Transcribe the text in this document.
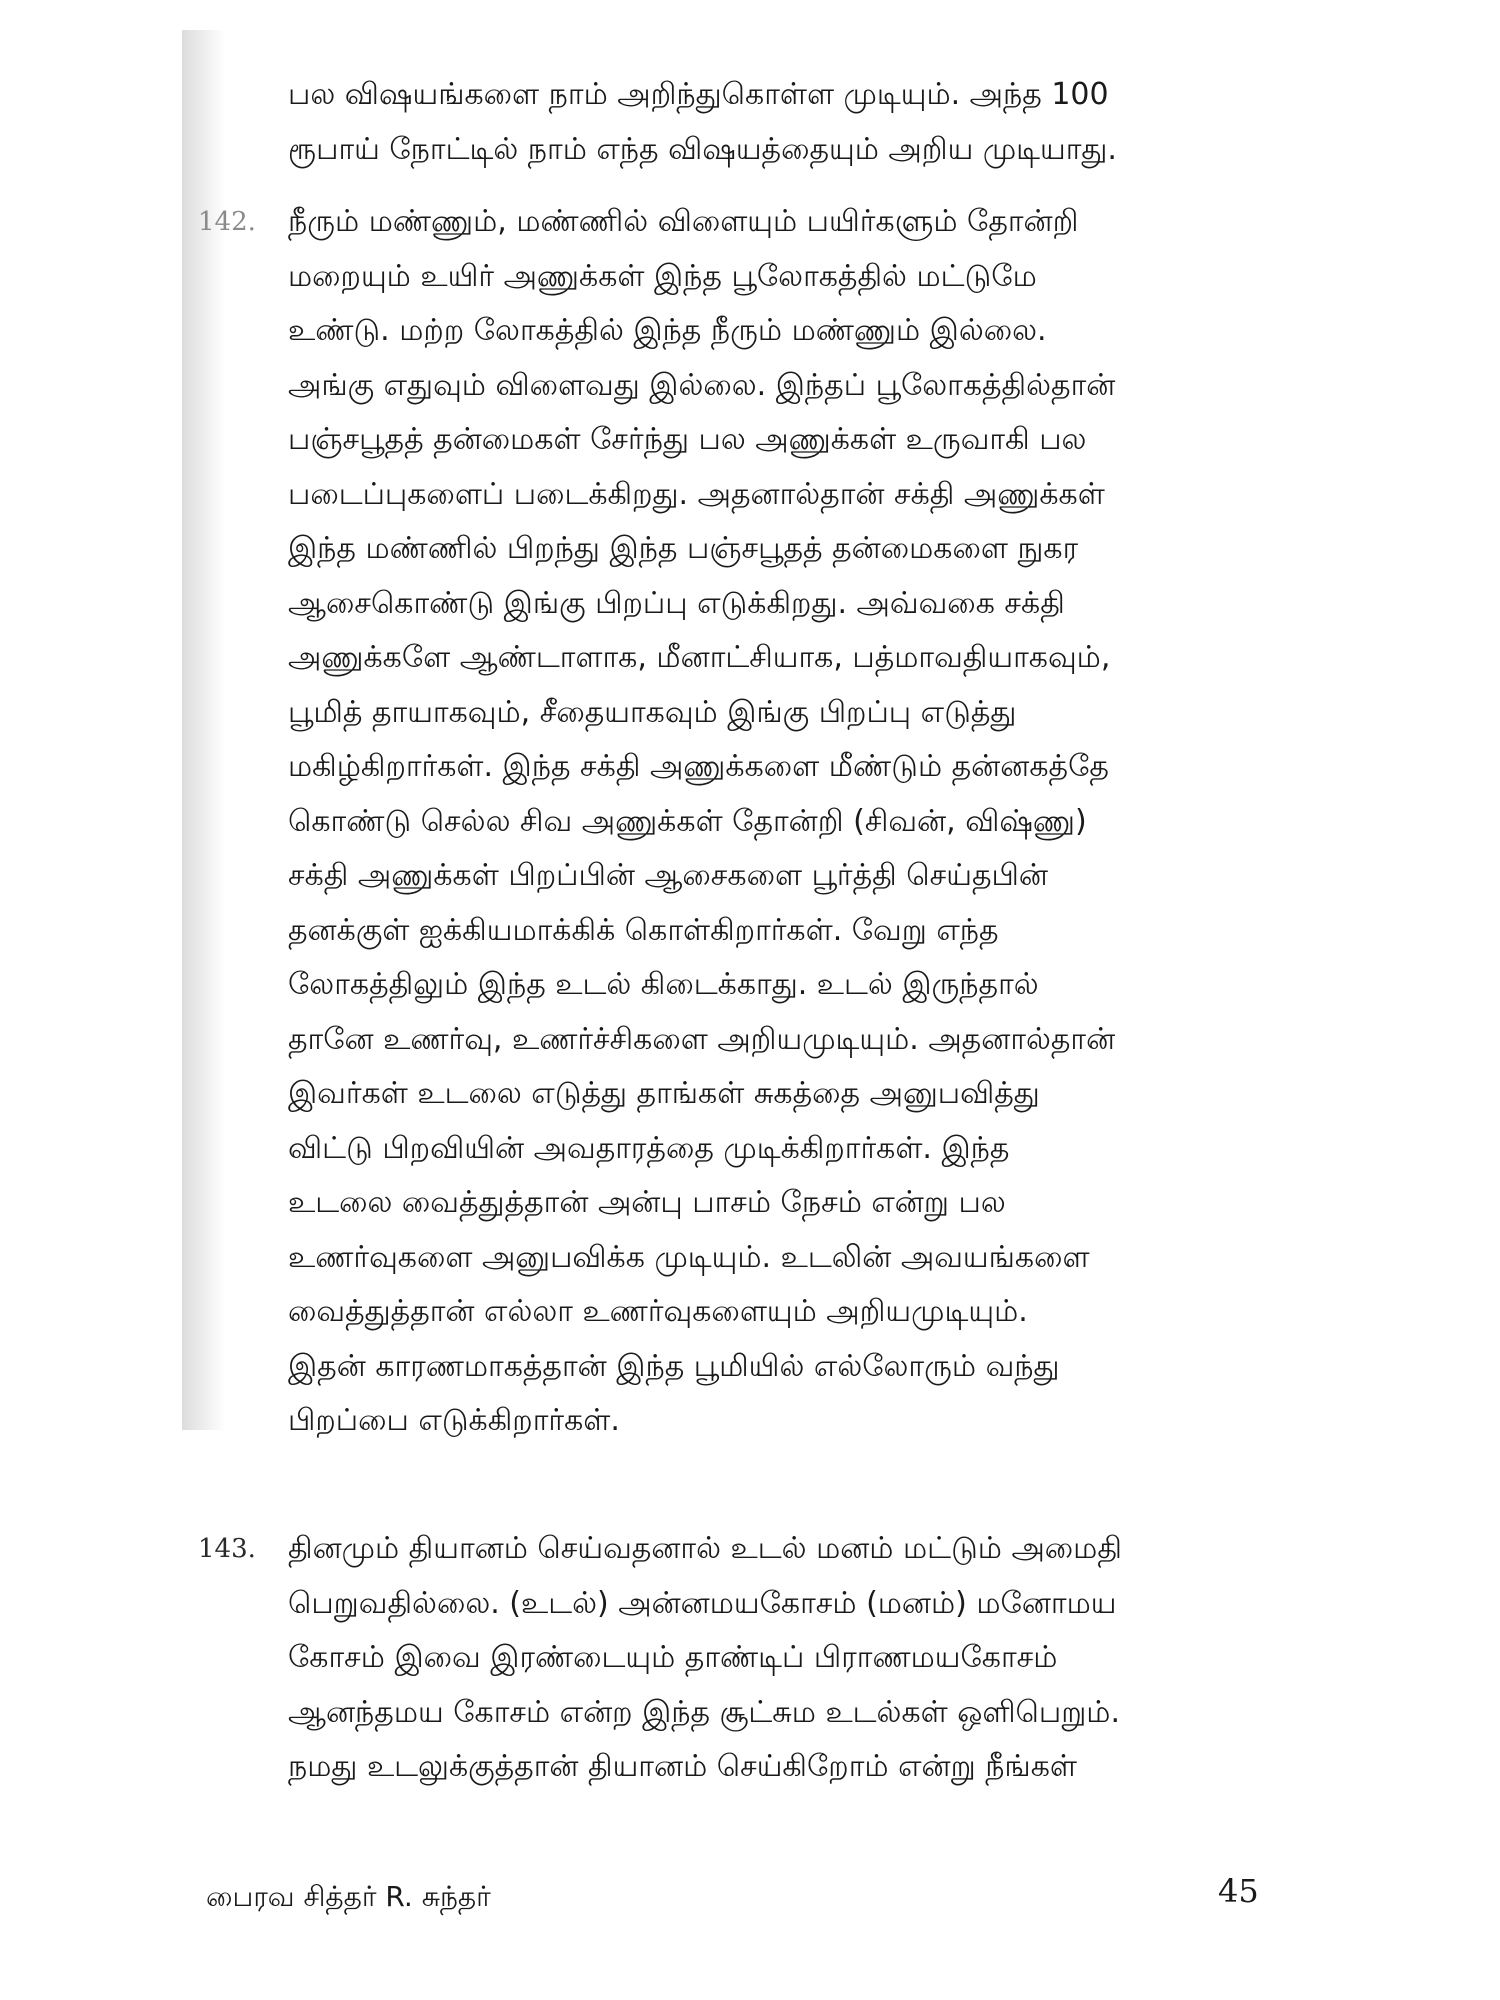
பல விஷயங்களை நாம் அறிந்துகொள்ள முடியும். அந்த 100
ரூபாய் நோட்டில் நாம் எந்த விஷயத்தையும் அறிய முடியாது.

142. நீரும் மண்ணும், மண்ணில் விளையும் பயிர்களும் தோன்றி
மறையும் உயிர் அணுக்கள் இந்த பூலோகத்தில் மட்டுமே
உண்டு. மற்ற லோகத்தில் இந்த நீரும் மண்ணும் இல்லை.
அங்கு எதுவும் விளைவது இல்லை. இந்தப் பூலோகத்தில்தான்
பஞ்சபூதத் தன்மைகள் சேர்ந்து பல அணுக்கள் உருவாகி பல
படைப்புகளைப் படைக்கிறது. அதனால்தான் சக்தி அணுக்கள்
இந்த மண்ணில் பிறந்து இந்த பஞ்சபூதத் தன்மைகளை நுகர
ஆசைகொண்டு இங்கு பிறப்பு எடுக்கிறது. அவ்வகை சக்தி
அணுக்களே ஆண்டாளாக, மீனாட்சியாக, பத்மாவதியாகவும்,
பூமித் தாயாகவும், சீதையாகவும் இங்கு பிறப்பு எடுத்து
மகிழ்கிறார்கள். இந்த சக்தி அணுக்களை மீண்டும் தன்னகத்தே
கொண்டு செல்ல சிவ அணுக்கள் தோன்றி (சிவன், விஷ்ணு)
சக்தி அணுக்கள் பிறப்பின் ஆசைகளை பூர்த்தி செய்தபின்
தனக்குள் ஐக்கியமாக்கிக் கொள்கிறார்கள். வேறு எந்த
லோகத்திலும் இந்த உடல் கிடைக்காது. உடல் இருந்தால்
தானே உணர்வு, உணர்ச்சிகளை அறியமுடியும். அதனால்தான்
இவர்கள் உடலை எடுத்து தாங்கள் சுகத்தை அனுபவித்து
விட்டு பிறவியின் அவதாரத்தை முடிக்கிறார்கள். இந்த
உடலை வைத்துத்தான் அன்பு பாசம் நேசம் என்று பல
உணர்வுகளை அனுபவிக்க முடியும். உடலின் அவயங்களை
வைத்துத்தான் எல்லா உணர்வுகளையும் அறியமுடியும்.
இதன் காரணமாகத்தான் இந்த பூமியில் எல்லோரும் வந்து
பிறப்பை எடுக்கிறார்கள்.

143. தினமும் தியானம் செய்வதனால் உடல் மனம் மட்டும் அமைதி
பெறுவதில்லை. (உடல்) அன்னமயகோசம் (மனம்) மனோமய
கோசம் இவை இரண்டையும் தாண்டிப் பிராணமயகோசம்
ஆனந்தமய கோசம் என்ற இந்த சூட்சும உடல்கள் ஒளிபெறும்.
நமது உடலுக்குத்தான் தியானம் செய்கிறோம் என்று நீங்கள்

பைரவ சித்தர் R. சுந்தர்	45
